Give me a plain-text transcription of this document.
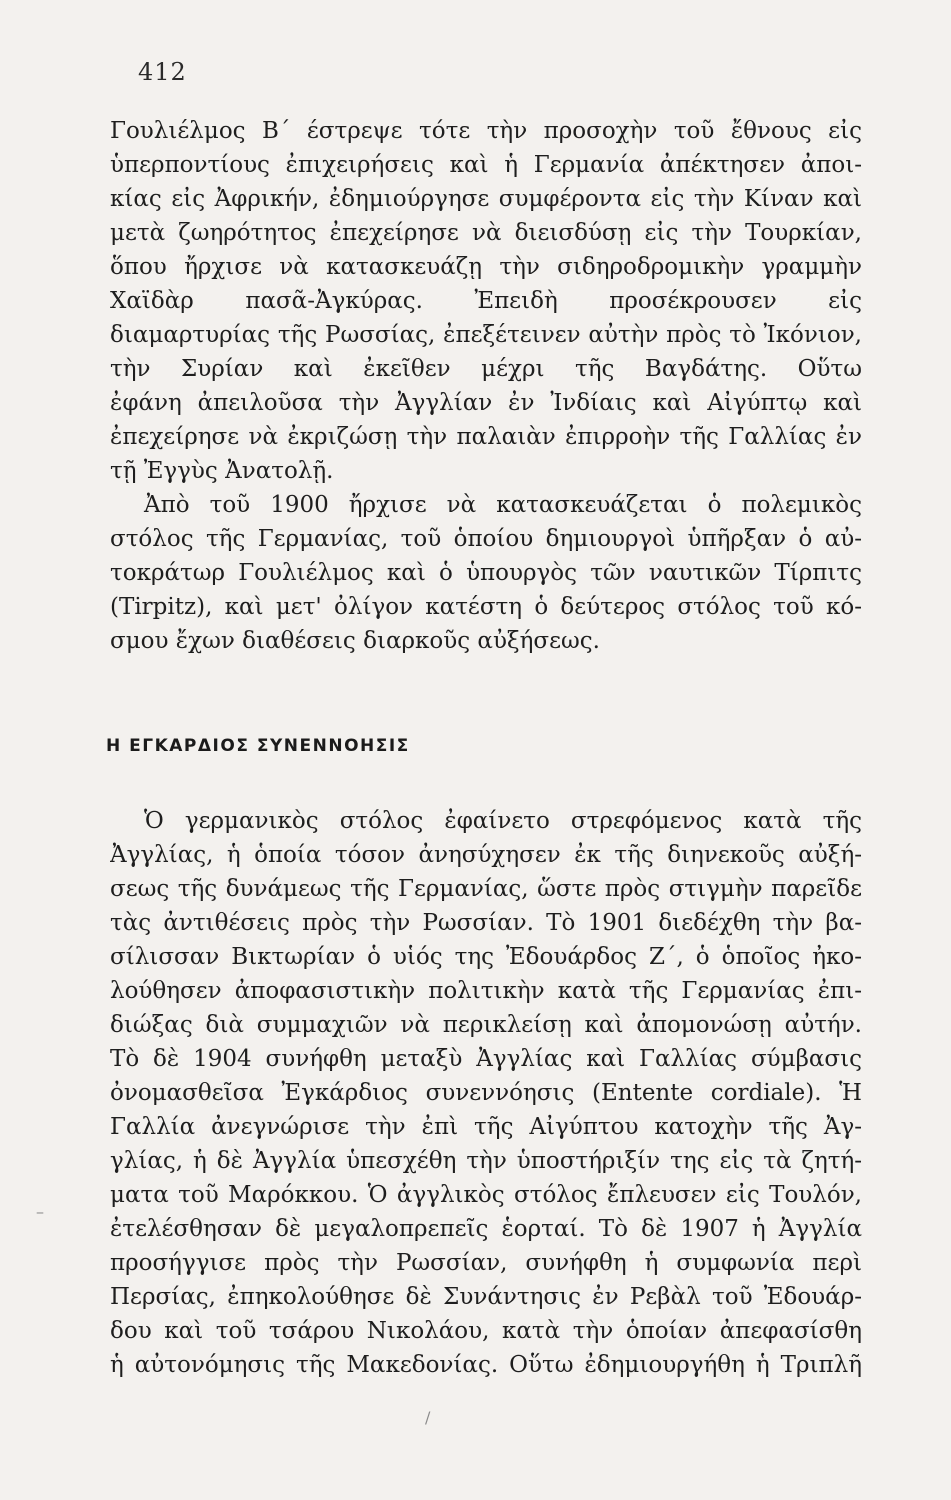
412
Γουλιέλμος Β΄ έστρεψε τότε τὴν προσοχὴν τοῦ ἔθνους εἰς
ὑπερποντίους ἐπιχειρήσεις καὶ ἡ Γερμανία ἀπέκτησεν ἀποι-
κίας εἰς Ἀφρικήν, ἐδημιούργησε συμφέροντα εἰς τὴν Κίναν καὶ
μετὰ ζωηρότητος ἐπεχείρησε νὰ διεισδύσῃ εἰς τὴν Τουρκίαν,
ὅπου ἤρχισε νὰ κατασκευάζῃ τὴν σιδηροδρομικὴν γραμμὴν
Χαϊδὰρ πασᾶ-Ἀγκύρας. Ἐπειδὴ προσέκρουσεν εἰς
διαμαρτυρίας τῆς Ρωσσίας, ἐπεξέτεινεν αὐτὴν πρὸς τὸ Ἰκόνιον,
τὴν Συρίαν καὶ ἐκεῖθεν μέχρι τῆς Βαγδάτης. Οὕτω
ἐφάνη ἀπειλοῦσα τὴν Ἀγγλίαν ἐν Ἰνδίαις καὶ Αἰγύπτῳ καὶ
ἐπεχείρησε νὰ ἐκριζώσῃ τὴν παλαιὰν ἐπιρροὴν τῆς Γαλλίας ἐν
τῇ Ἐγγὺς Ἀνατολῇ.
Ἀπὸ τοῦ 1900 ἤρχισε νὰ κατασκευάζεται ὁ πολεμικὸς
στόλος τῆς Γερμανίας, τοῦ ὁποίου δημιουργοὶ ὑπῆρξαν ὁ αὐ-
τοκράτωρ Γουλιέλμος καὶ ὁ ὑπουργὸς τῶν ναυτικῶν Τίρπιτς
(Tirpitz), καὶ μετ' ὀλίγον κατέστη ὁ δεύτερος στόλος τοῦ κό-
σμου ἔχων διαθέσεις διαρκοῦς αὐξήσεως.
Η ΕΓΚΑΡΔΙΟΣ ΣΥΝΕΝΝΟΗΣΙΣ
Ὁ γερμανικὸς στόλος ἐφαίνετο στρεφόμενος κατὰ τῆς
Ἀγγλίας, ἡ ὁποία τόσον ἀνησύχησεν ἐκ τῆς διηνεκοῦς αὐξή-
σεως τῆς δυνάμεως τῆς Γερμανίας, ὥστε πρὸς στιγμὴν παρεῖδε
τὰς ἀντιθέσεις πρὸς τὴν Ρωσσίαν. Τὸ 1901 διεδέχθη τὴν βα-
σίλισσαν Βικτωρίαν ὁ υἱός της Ἐδουάρδος Ζ΄, ὁ ὁποῖος ἠκο-
λούθησεν ἀποφασιστικὴν πολιτικὴν κατὰ τῆς Γερμανίας ἐπι-
διώξας διὰ συμμαχιῶν νὰ περικλείσῃ καὶ ἀπομονώσῃ αὐτήν.
Τὸ δὲ 1904 συνήφθη μεταξὺ Ἀγγλίας καὶ Γαλλίας σύμβασις
ὀνομασθεῖσα Ἐγκάρδιος συνεννόησις (Entente cordiale). Ἡ
Γαλλία ἀνεγνώρισε τὴν ἐπὶ τῆς Αἰγύπτου κατοχὴν τῆς Ἀγ-
γλίας, ἡ δὲ Ἀγγλία ὑπεσχέθη τὴν ὑποστήριξίν της εἰς τὰ ζητή-
ματα τοῦ Μαρόκκου. Ὁ ἀγγλικὸς στόλος ἔπλευσεν εἰς Τουλόν,
ἐτελέσθησαν δὲ μεγαλοπρεπεῖς ἑορταί. Τὸ δὲ 1907 ἡ Ἀγγλία
προσήγγισε πρὸς τὴν Ρωσσίαν, συνήφθη ἡ συμφωνία περὶ
Περσίας, ἐπηκολούθησε δὲ Συνάντησις ἐν Ρεβὰλ τοῦ Ἐδουάρ-
δου καὶ τοῦ τσάρου Νικολάου, κατὰ τὴν ὁποίαν ἀπεφασίσθη
ἡ αὐτονόμησις τῆς Μακεδονίας. Οὕτω ἐδημιουργήθη ἡ Τριπλῆ
–
/
